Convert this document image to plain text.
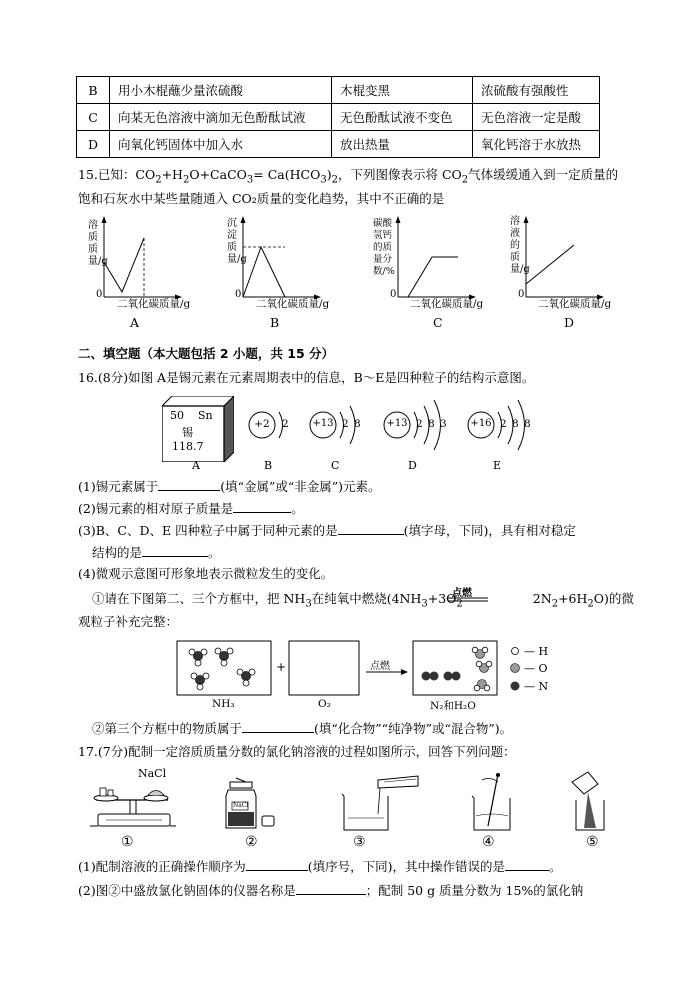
B	用小木棍蘸少量浓硫酸	木棍变黑	浓硫酸有强酸性
C	向某无色溶液中滴加无色酚酞试液	无色酚酞试液不变色	无色溶液一定是酸
D	向氧化钙固体中加入水	放出热量	氧化钙溶于水放热
15.已知：$CO_2+H_2O+CaCO_3= Ca(HCO_3)_2$，下列图像表示将 $CO_2$气体缓缓通入到一定质量的
饱和石灰水中某些量随通入 CO₂质量的变化趋势，其中不正确的是
溶质质量/g
0
二氧化碳质量/g
A
沉淀质量/g
0
二氧化碳质量/g
B
碳酸氢钙的质量分数/%
0
二氧化碳质量/g
C
溶液的质量/g
0
二氧化碳质量/g
D
二、填空题（本大题包括 2 小题，共 15 分）
16.(8分)如图 A是锡元素在元素周期表中的信息，B～E是四种粒子的结构示意图。
50 Sn
锡
118.7
+2 2 +13 2 8	+13 2 8 3 +16 2 8 8
A	B	C	D	E
(1)锡元素属于	(填“金属”或“非金属”)元素。
(2)锡元素的相对原子质量是	。
(3)B、C、D、E 四种粒子中属于同种元素的是	(填字母，下同)，具有相对稳定
结构的是	。
(4)微观示意图可形象地表示微粒发生的变化。
①请在下图第二、三个方框中，把 $NH_3$在纯氧中燃烧($4NH_3+3O_2$	$2N_2+6H_2O$)的微
点燃
观粒子补充完整：
+	点燃
NH₃	O₂	N₂和H₂O
— H
— O
— N
②第三个方框中的物质属于	(填“化合物”“纯净物”或“混合物”)。
17.(7分)配制一定溶质质量分数的氯化钠溶液的过程如图所示，回答下列问题：
NaCl
NaCl
①	②	③	④	⑤
(1)配制溶液的正确操作顺序为	(填序号，下同)，其中操作错误的是	。
(2)图②中盛放氯化钠固体的仪器名称是	；配制 50 g 质量分数为 15%的氯化钠
